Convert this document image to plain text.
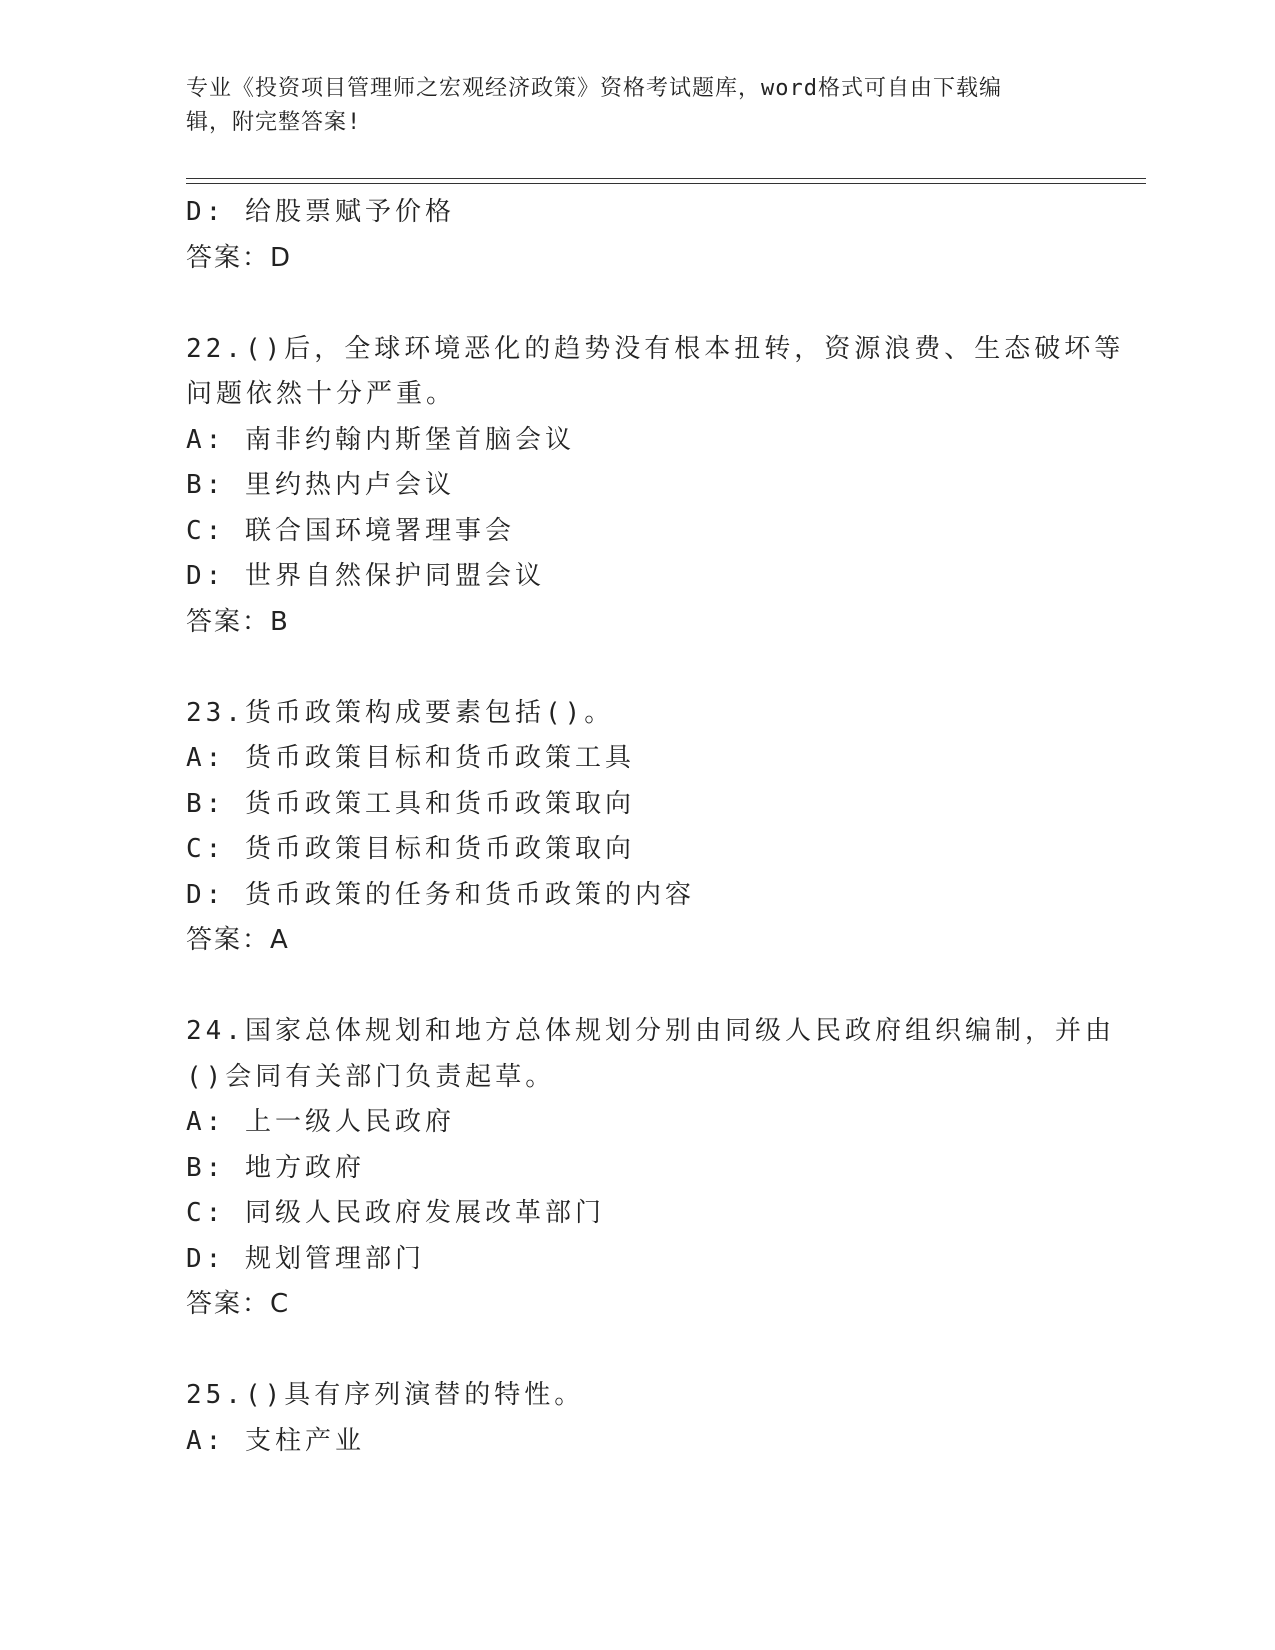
专业《投资项目管理师之宏观经济政策》资格考试题库，word格式可自由下载编
辑，附完整答案!
D: 给股票赋予价格
答案：D
22.()后，全球环境恶化的趋势没有根本扭转，资源浪费、生态破坏等
问题依然十分严重。
A: 南非约翰内斯堡首脑会议
B: 里约热内卢会议
C: 联合国环境署理事会
D: 世界自然保护同盟会议
答案：B
23.货币政策构成要素包括()。
A: 货币政策目标和货币政策工具
B: 货币政策工具和货币政策取向
C: 货币政策目标和货币政策取向
D: 货币政策的任务和货币政策的内容
答案：A
24.国家总体规划和地方总体规划分别由同级人民政府组织编制，并由
()会同有关部门负责起草。
A: 上一级人民政府
B: 地方政府
C: 同级人民政府发展改革部门
D: 规划管理部门
答案：C
25.()具有序列演替的特性。
A: 支柱产业
